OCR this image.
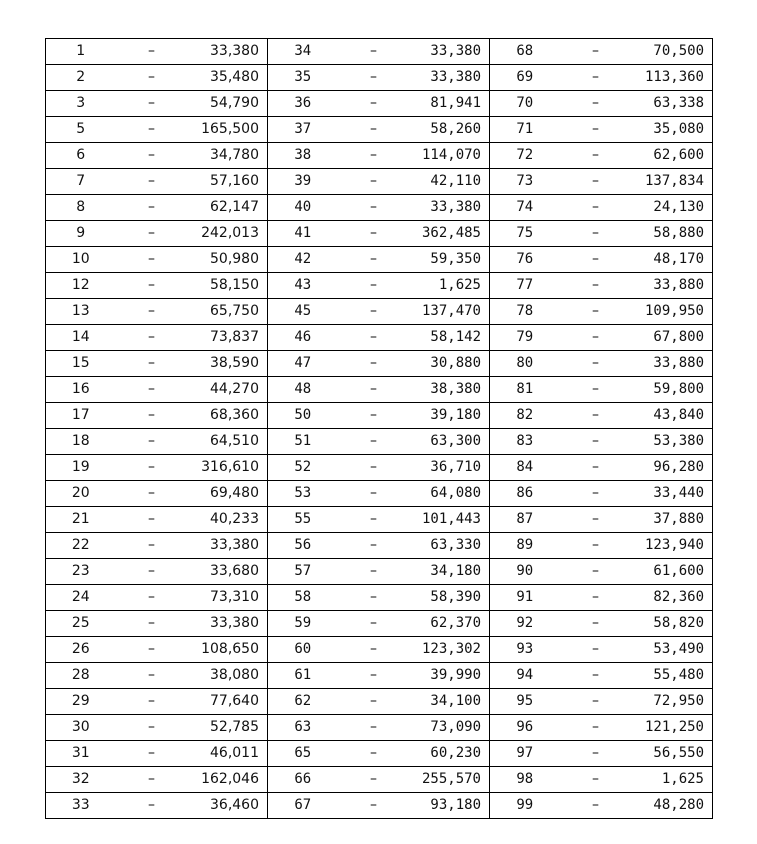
1	–	33,380	34	–	33,380	68	–	70,500
2	–	35,480	35	–	33,380	69	–	113,360
3	–	54,790	36	–	81,941	70	–	63,338
5	–	165,500	37	–	58,260	71	–	35,080
6	–	34,780	38	–	114,070	72	–	62,600
7	–	57,160	39	–	42,110	73	–	137,834
8	–	62,147	40	–	33,380	74	–	24,130
9	–	242,013	41	–	362,485	75	–	58,880
10	–	50,980	42	–	59,350	76	–	48,170
12	–	58,150	43	–	1,625	77	–	33,880
13	–	65,750	45	–	137,470	78	–	109,950
14	–	73,837	46	–	58,142	79	–	67,800
15	–	38,590	47	–	30,880	80	–	33,880
16	–	44,270	48	–	38,380	81	–	59,800
17	–	68,360	50	–	39,180	82	–	43,840
18	–	64,510	51	–	63,300	83	–	53,380
19	–	316,610	52	–	36,710	84	–	96,280
20	–	69,480	53	–	64,080	86	–	33,440
21	–	40,233	55	–	101,443	87	–	37,880
22	–	33,380	56	–	63,330	89	–	123,940
23	–	33,680	57	–	34,180	90	–	61,600
24	–	73,310	58	–	58,390	91	–	82,360
25	–	33,380	59	–	62,370	92	–	58,820
26	–	108,650	60	–	123,302	93	–	53,490
28	–	38,080	61	–	39,990	94	–	55,480
29	–	77,640	62	–	34,100	95	–	72,950
30	–	52,785	63	–	73,090	96	–	121,250
31	–	46,011	65	–	60,230	97	–	56,550
32	–	162,046	66	–	255,570	98	–	1,625
33	–	36,460	67	–	93,180	99	–	48,280
